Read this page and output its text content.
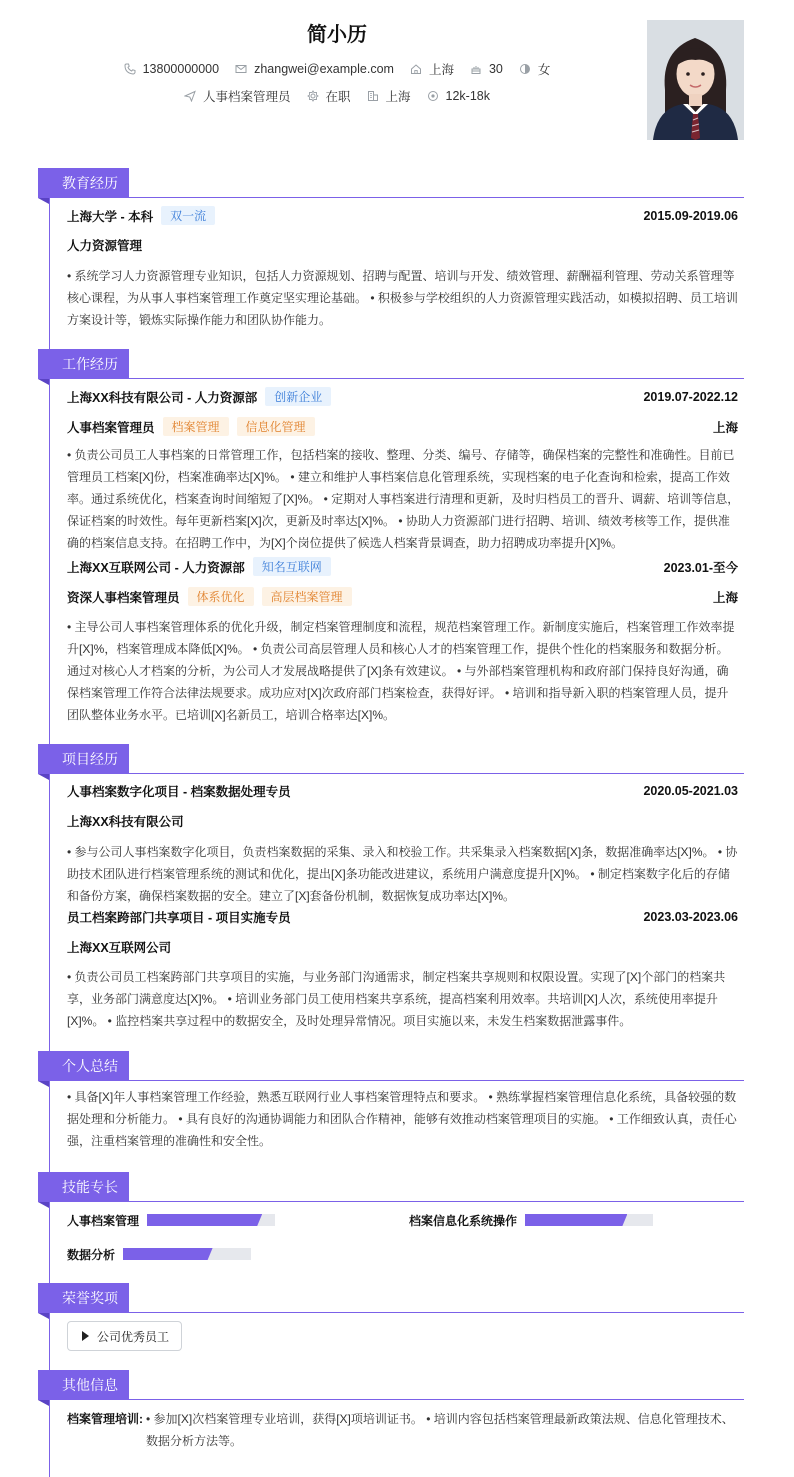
简小历
13800000000	zhangwei@example.com	上海	30	女
人事档案管理员	在职	上海	12k-18k
教育经历
上海大学 - 本科	双一流	2015.09-2019.06
人力资源管理
• 系统学习人力资源管理专业知识，包括人力资源规划、招聘与配置、培训与开发、绩效管理、薪酬福利管理、劳动关系管理等核心课程，为从事人事档案管理工作奠定坚实理论基础。 • 积极参与学校组织的人力资源管理实践活动，如模拟招聘、员工培训方案设计等，锻炼实际操作能力和团队协作能力。
工作经历
上海XX科技有限公司 - 人力资源部	创新企业	2019.07-2022.12
人事档案管理员	档案管理	信息化管理	上海
• 负责公司员工人事档案的日常管理工作，包括档案的接收、整理、分类、编号、存储等，确保档案的完整性和准确性。目前已管理员工档案[X]份，档案准确率达[X]%。 • 建立和维护人事档案信息化管理系统，实现档案的电子化查询和检索，提高工作效率。通过系统优化，档案查询时间缩短了[X]%。 • 定期对人事档案进行清理和更新，及时归档员工的晋升、调薪、培训等信息，保证档案的时效性。每年更新档案[X]次，更新及时率达[X]%。 • 协助人力资源部门进行招聘、培训、绩效考核等工作，提供准确的档案信息支持。在招聘工作中，为[X]个岗位提供了候选人档案背景调查，助力招聘成功率提升[X]%。
上海XX互联网公司 - 人力资源部	知名互联网	2023.01-至今
资深人事档案管理员	体系优化	高层档案管理	上海
• 主导公司人事档案管理体系的优化升级，制定档案管理制度和流程，规范档案管理工作。新制度实施后，档案管理工作效率提升[X]%，档案管理成本降低[X]%。 • 负责公司高层管理人员和核心人才的档案管理工作，提供个性化的档案服务和数据分析。通过对核心人才档案的分析，为公司人才发展战略提供了[X]条有效建议。 • 与外部档案管理机构和政府部门保持良好沟通，确保档案管理工作符合法律法规要求。成功应对[X]次政府部门档案检查，获得好评。 • 培训和指导新入职的档案管理人员，提升团队整体业务水平。已培训[X]名新员工，培训合格率达[X]%。
项目经历
人事档案数字化项目 - 档案数据处理专员	2020.05-2021.03
上海XX科技有限公司
• 参与公司人事档案数字化项目，负责档案数据的采集、录入和校验工作。共采集录入档案数据[X]条，数据准确率达[X]%。 • 协助技术团队进行档案管理系统的测试和优化，提出[X]条功能改进建议，系统用户满意度提升[X]%。 • 制定档案数字化后的存储和备份方案，确保档案数据的安全。建立了[X]套备份机制，数据恢复成功率达[X]%。
员工档案跨部门共享项目 - 项目实施专员	2023.03-2023.06
上海XX互联网公司
• 负责公司员工档案跨部门共享项目的实施，与业务部门沟通需求，制定档案共享规则和权限设置。实现了[X]个部门的档案共享，业务部门满意度达[X]%。 • 培训业务部门员工使用档案共享系统，提高档案利用效率。共培训[X]人次，系统使用率提升[X]%。 • 监控档案共享过程中的数据安全，及时处理异常情况。项目实施以来，未发生档案数据泄露事件。
个人总结
• 具备[X]年人事档案管理工作经验，熟悉互联网行业人事档案管理特点和要求。 • 熟练掌握档案管理信息化系统，具备较强的数据处理和分析能力。 • 具有良好的沟通协调能力和团队合作精神，能够有效推动档案管理项目的实施。 • 工作细致认真，责任心强，注重档案管理的准确性和安全性。
技能专长
人事档案管理	档案信息化系统操作
数据分析
荣誉奖项
公司优秀员工
其他信息
档案管理培训: • 参加[X]次档案管理专业培训，获得[X]项培训证书。 • 培训内容包括档案管理最新政策法规、信息化管理技术、数据分析方法等。
